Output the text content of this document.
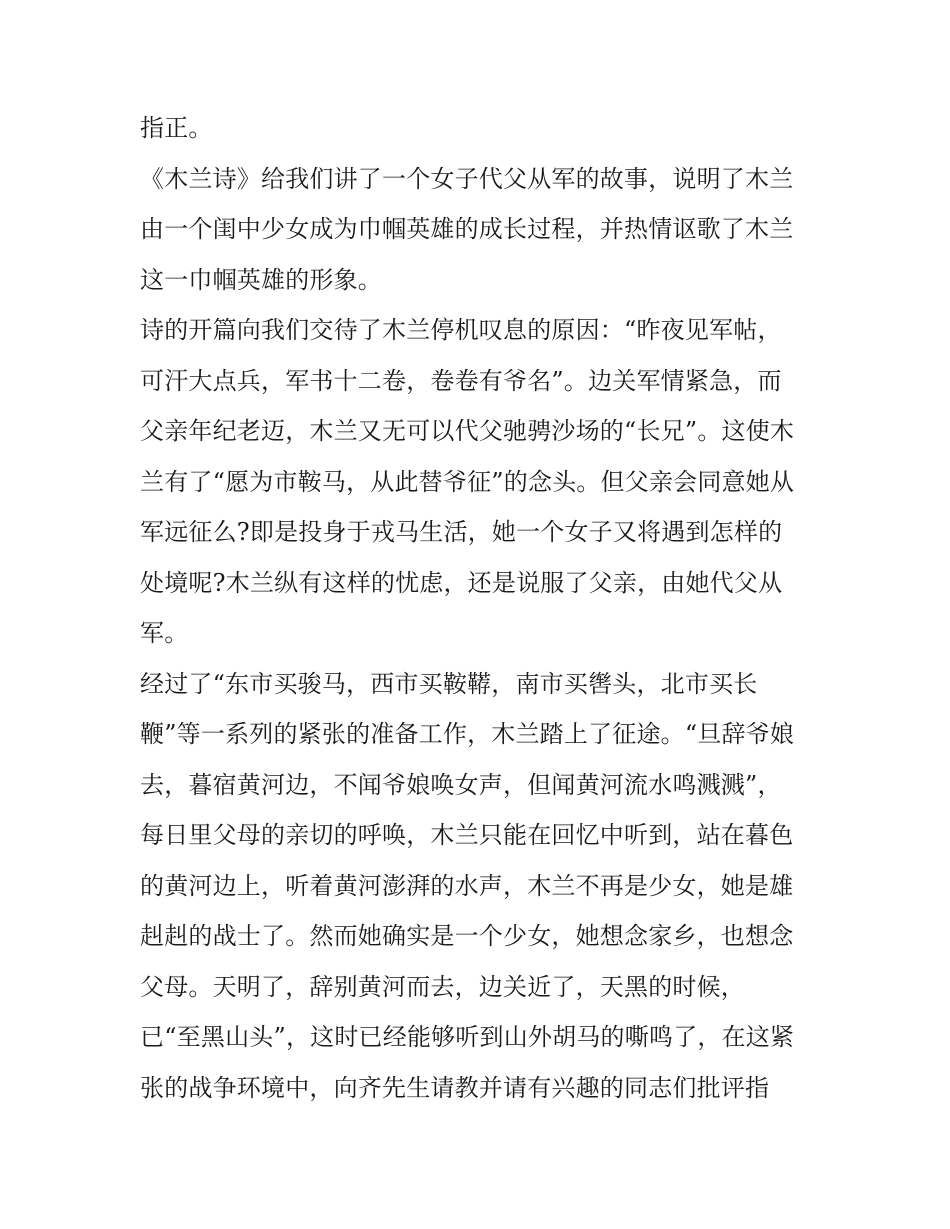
指正。
《木兰诗》给我们讲了一个女子代父从军的故事，说明了木兰
由一个闺中少女成为巾帼英雄的成长过程，并热情讴歌了木兰
这一巾帼英雄的形象。
诗的开篇向我们交待了木兰停机叹息的原因：“昨夜见军帖，
可汗大点兵，军书十二卷，卷卷有爷名”。边关军情紧急，而
父亲年纪老迈，木兰又无可以代父驰骋沙场的“长兄”。这使木
兰有了“愿为市鞍马，从此替爷征”的念头。但父亲会同意她从
军远征么?即是投身于戎马生活，她一个女子又将遇到怎样的
处境呢?木兰纵有这样的忧虑，还是说服了父亲，由她代父从
军。
经过了“东市买骏马，西市买鞍鞯，南市买辔头，北市买长
鞭”等一系列的紧张的准备工作，木兰踏上了征途。“旦辞爷娘
去，暮宿黄河边，不闻爷娘唤女声，但闻黄河流水鸣溅溅”，
每日里父母的亲切的呼唤，木兰只能在回忆中听到，站在暮色
的黄河边上，听着黄河澎湃的水声，木兰不再是少女，她是雄
赳赳的战士了。然而她确实是一个少女，她想念家乡，也想念
父母。天明了，辞别黄河而去，边关近了，天黑的时候，
已“至黑山头”，这时已经能够听到山外胡马的嘶鸣了，在这紧
张的战争环境中，向齐先生请教并请有兴趣的同志们批评指
